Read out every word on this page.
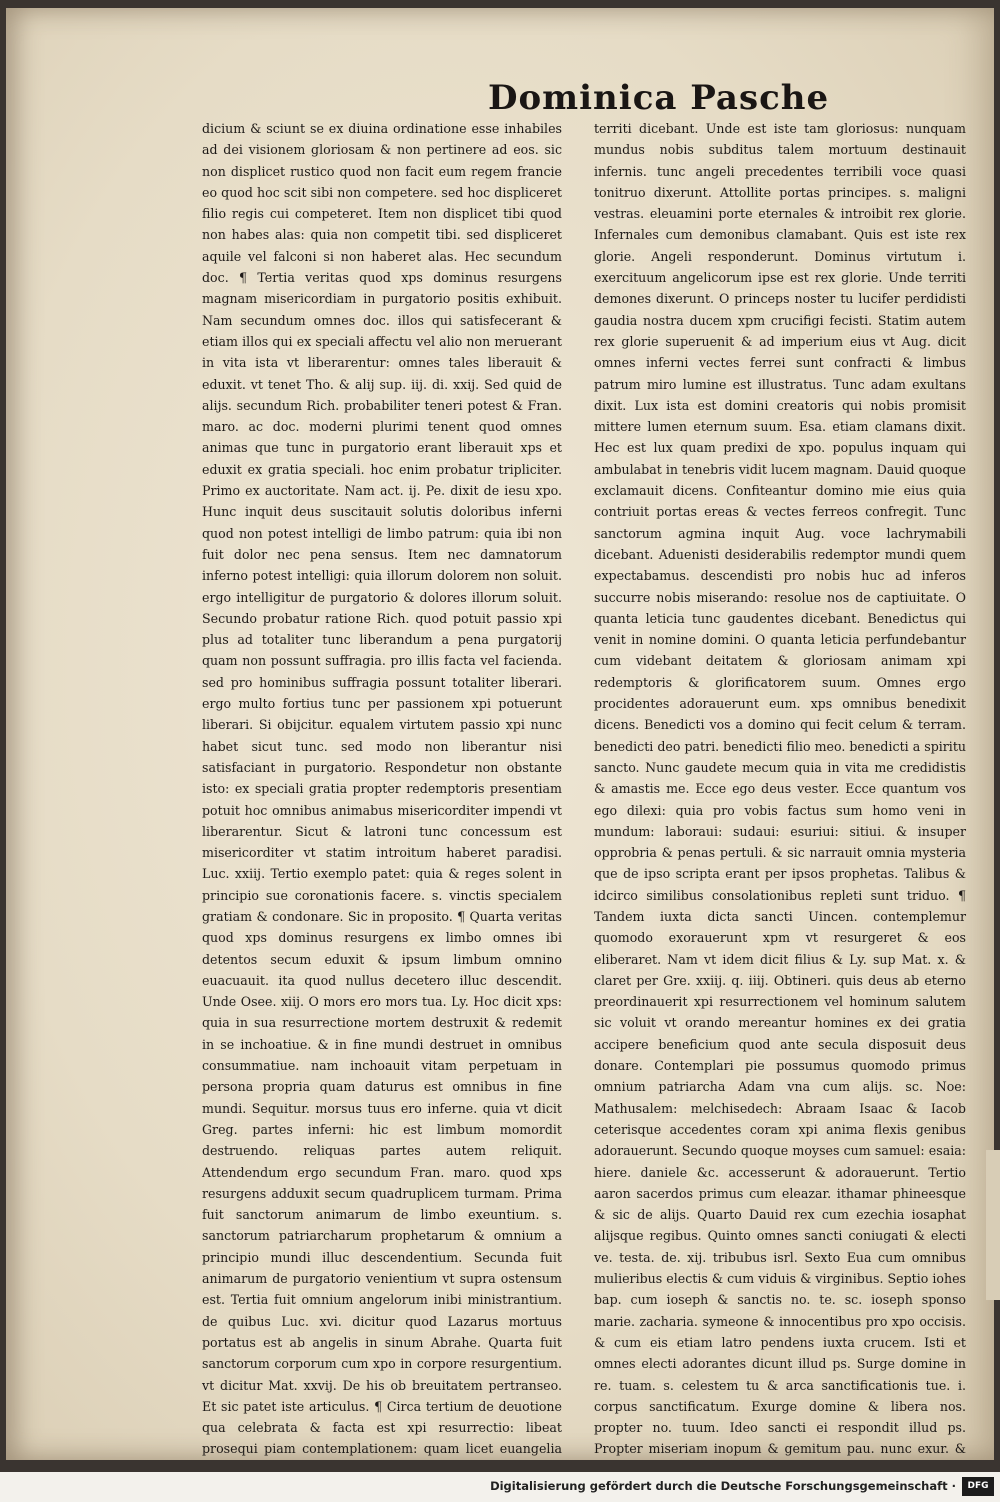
Dominica Pasche

dicium & sciunt se ex diuina ordinatione esse inhabiles ad dei visionem gloriosam & non pertinere ad eos. sic non displicet rustico quod non facit eum regem francie eo quod hoc scit sibi non competere. sed hoc displiceret filio regis cui competeret. Item non displicet tibi quod non habes alas: quia non competit tibi. sed displiceret aquile vel falconi si non haberet alas. Hec secundum doc. ¶ Tertia veritas quod xps dominus resurgens magnam misericordiam in purgatorio positis exhibuit. Nam secundum omnes doc. illos qui satisfecerant & etiam illos qui ex speciali affectu vel alio non meruerant in vita ista vt liberarentur: omnes tales liberauit & eduxit. vt tenet Tho. & alij sup. iij. di. xxij. Sed quid de alijs. secundum Rich. probabiliter teneri potest & Fran. maro. ac doc. moderni plurimi tenent quod omnes animas que tunc in purgatorio erant liberauit xps et eduxit ex gratia speciali. hoc enim probatur tripliciter. Primo ex auctoritate. Nam act. ij. Pe. dixit de iesu xpo. Hunc inquit deus suscitauit solutis doloribus inferni quod non potest intelligi de limbo patrum: quia ibi non fuit dolor nec pena sensus. Item nec damnatorum inferno potest intelligi: quia illorum dolorem non soluit. ergo intelligitur de purgatorio & dolores illorum soluit. Secundo probatur ratione Rich. quod potuit passio xpi plus ad totaliter tunc liberandum a pena purgatorij quam non possunt suffragia. pro illis facta vel facienda. sed pro hominibus suffragia possunt totaliter liberari. ergo multo fortius tunc per passionem xpi potuerunt liberari. Si obijcitur. equalem virtutem passio xpi nunc habet sicut tunc. sed modo non liberantur nisi satisfaciant in purgatorio. Respondetur non obstante isto: ex speciali gratia propter redemptoris presentiam potuit hoc omnibus animabus misericorditer impendi vt liberarentur. Sicut & latroni tunc concessum est misericorditer vt statim introitum haberet paradisi. Luc. xxiij. Tertio exemplo patet: quia & reges solent in principio sue coronationis facere. s. vinctis specialem gratiam & condonare. Sic in proposito. ¶ Quarta veritas quod xps dominus resurgens ex limbo omnes ibi detentos secum eduxit & ipsum limbum omnino euacuauit. ita quod nullus decetero illuc descendit. Unde Osee. xiij. O mors ero mors tua. Ly. Hoc dicit xps: quia in sua resurrectione mortem destruxit & redemit in se inchoatiue. & in fine mundi destruet in omnibus consummatiue. nam inchoauit vitam perpetuam in persona propria quam daturus est omnibus in fine mundi. Sequitur. morsus tuus ero inferne. quia vt dicit Greg. partes inferni: hic est limbum momordit destruendo. reliquas partes autem reliquit. Attendendum ergo secundum Fran. maro. quod xps resurgens adduxit secum quadruplicem turmam. Prima fuit sanctorum animarum de limbo exeuntium. s. sanctorum patriarcharum prophetarum & omnium a principio mundi illuc descendentium. Secunda fuit animarum de purgatorio venientium vt supra ostensum est. Tertia fuit omnium angelorum inibi ministrantium. de quibus Luc. xvi. dicitur quod Lazarus mortuus portatus est ab angelis in sinum Abrahe. Quarta fuit sanctorum corporum cum xpo in corpore resurgentium. vt dicitur Mat. xxvij. De his ob breuitatem pertranseo. Et sic patet iste articulus. ¶ Circa tertium de deuotione qua celebrata & facta est xpi resurrectio: libeat prosequi piam contemplationem: quam licet euangelia

territi dicebant. Unde est iste tam gloriosus: nunquam mundus nobis subditus talem mortuum destinauit infernis. tunc angeli precedentes terribili voce quasi tonitruo dixerunt. Attollite portas principes. s. maligni vestras. eleuamini porte eternales & introibit rex glorie. Infernales cum demonibus clamabant. Quis est iste rex glorie. Angeli responderunt. Dominus virtutum i. exercituum angelicorum ipse est rex glorie. Unde territi demones dixerunt. O princeps noster tu lucifer perdidisti gaudia nostra ducem xpm crucifigi fecisti. Statim autem rex glorie superuenit & ad imperium eius vt Aug. dicit omnes inferni vectes ferrei sunt confracti & limbus patrum miro lumine est illustratus. Tunc adam exultans dixit. Lux ista est domini creatoris qui nobis promisit mittere lumen eternum suum. Esa. etiam clamans dixit. Hec est lux quam predixi de xpo. populus inquam qui ambulabat in tenebris vidit lucem magnam. Dauid quoque exclamauit dicens. Confiteantur domino mie eius quia contriuit portas ereas & vectes ferreos confregit. Tunc sanctorum agmina inquit Aug. voce lachrymabili dicebant. Aduenisti desiderabilis redemptor mundi quem expectabamus. descendisti pro nobis huc ad inferos succurre nobis miserando: resolue nos de captiuitate. O quanta leticia tunc gaudentes dicebant. Benedictus qui venit in nomine domini. O quanta leticia perfundebantur cum videbant deitatem & gloriosam animam xpi redemptoris & glorificatorem suum. Omnes ergo procidentes adorauerunt eum. xps omnibus benedixit dicens. Benedicti vos a domino qui fecit celum & terram. benedicti deo patri. benedicti filio meo. benedicti a spiritu sancto. Nunc gaudete mecum quia in vita me credidistis & amastis me. Ecce ego deus vester. Ecce quantum vos ego dilexi: quia pro vobis factus sum homo veni in mundum: laboraui: sudaui: esuriui: sitiui. & insuper opprobria & penas pertuli. & sic narrauit omnia mysteria que de ipso scripta erant per ipsos prophetas. Talibus & idcirco similibus consolationibus repleti sunt triduo. ¶ Tandem iuxta dicta sancti Uincen. contemplemur quomodo exorauerunt xpm vt resurgeret & eos eliberaret. Nam vt idem dicit filius & Ly. sup Mat. x. & claret per Gre. xxiij. q. iiij. Obtineri. quis deus ab eterno preordinauerit xpi resurrectionem vel hominum salutem sic voluit vt orando mereantur homines ex dei gratia accipere beneficium quod ante secula disposuit deus donare. Contemplari pie possumus quomodo primus omnium patriarcha Adam vna cum alijs. sc. Noe: Mathusalem: melchisedech: Abraam Isaac & Iacob ceterisque accedentes coram xpi anima flexis genibus adorauerunt. Secundo quoque moyses cum samuel: esaia: hiere. daniele &c. accesserunt & adorauerunt. Tertio aaron sacerdos primus cum eleazar. ithamar phineesque & sic de alijs. Quarto Dauid rex cum ezechia iosaphat alijsque regibus. Quinto omnes sancti coniugati & electi ve. testa. de. xij. tribubus isrl. Sexto Eua cum omnibus mulieribus electis & cum viduis & virginibus. Septio iohes bap. cum ioseph & sanctis no. te. sc. ioseph sponso marie. zacharia. symeone & innocentibus pro xpo occisis. & cum eis etiam latro pendens iuxta crucem. Isti et omnes electi adorantes dicunt illud ps. Surge domine in re. tuam. s. celestem tu & arca sanctificationis tue. i. corpus sanctificatum. Exurge domine & libera nos. propter no. tuum. Ideo sancti ei respondit illud ps. Propter miseriam inopum & gemitum pau. nunc exur. &

Digitalisierung gefördert durch die Deutsche Forschungsgemeinschaft ·	DFG
